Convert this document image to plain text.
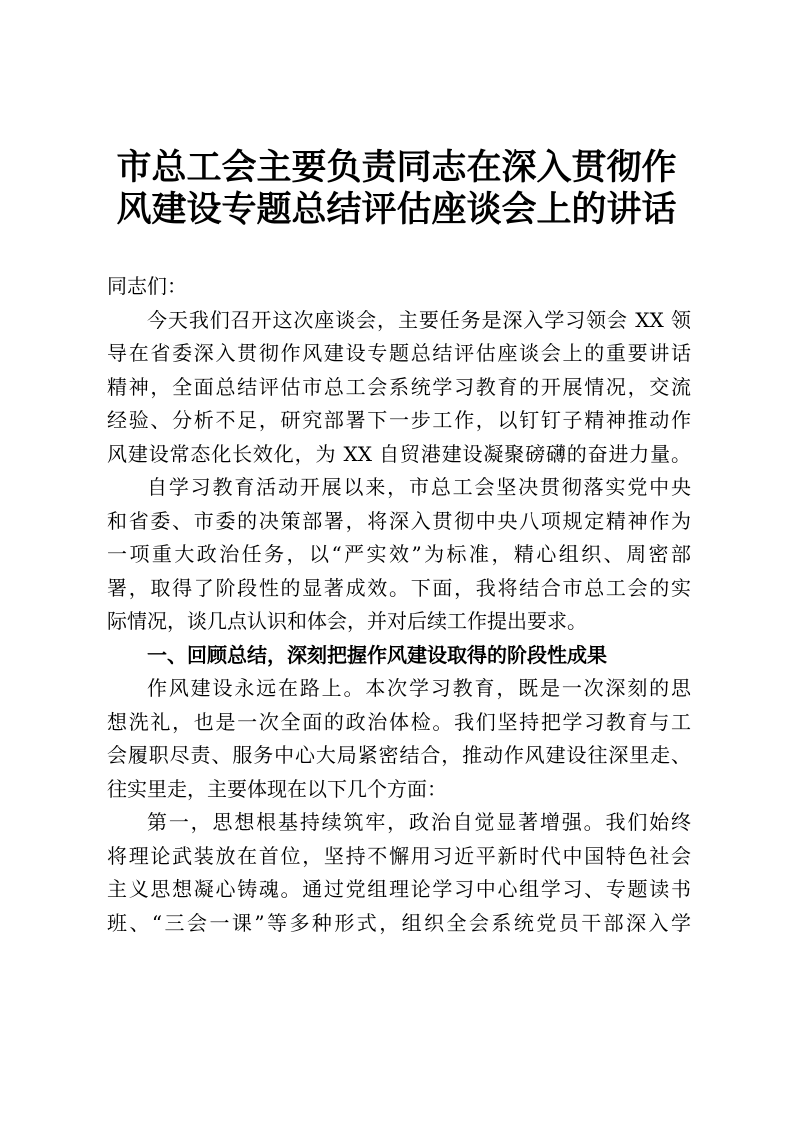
市总工会主要负责同志在深入贯彻作
风建设专题总结评估座谈会上的讲话
同志们：
今天我们召开这次座谈会，主要任务是深入学习领会 XX 领
导在省委深入贯彻作风建设专题总结评估座谈会上的重要讲话
精神，全面总结评估市总工会系统学习教育的开展情况，交流
经验、分析不足，研究部署下一步工作，以钉钉子精神推动作
风建设常态化长效化，为 XX 自贸港建设凝聚磅礴的奋进力量。
自学习教育活动开展以来，市总工会坚决贯彻落实党中央
和省委、市委的决策部署，将深入贯彻中央八项规定精神作为
一项重大政治任务，以“严实效”为标准，精心组织、周密部
署，取得了阶段性的显著成效。下面，我将结合市总工会的实
际情况，谈几点认识和体会，并对后续工作提出要求。
一、回顾总结，深刻把握作风建设取得的阶段性成果
作风建设永远在路上。本次学习教育，既是一次深刻的思
想洗礼，也是一次全面的政治体检。我们坚持把学习教育与工
会履职尽责、服务中心大局紧密结合，推动作风建设往深里走、
往实里走，主要体现在以下几个方面：
第一，思想根基持续筑牢，政治自觉显著增强。我们始终
将理论武装放在首位，坚持不懈用习近平新时代中国特色社会
主义思想凝心铸魂。通过党组理论学习中心组学习、专题读书
班、“三会一课”等多种形式，组织全会系统党员干部深入学
